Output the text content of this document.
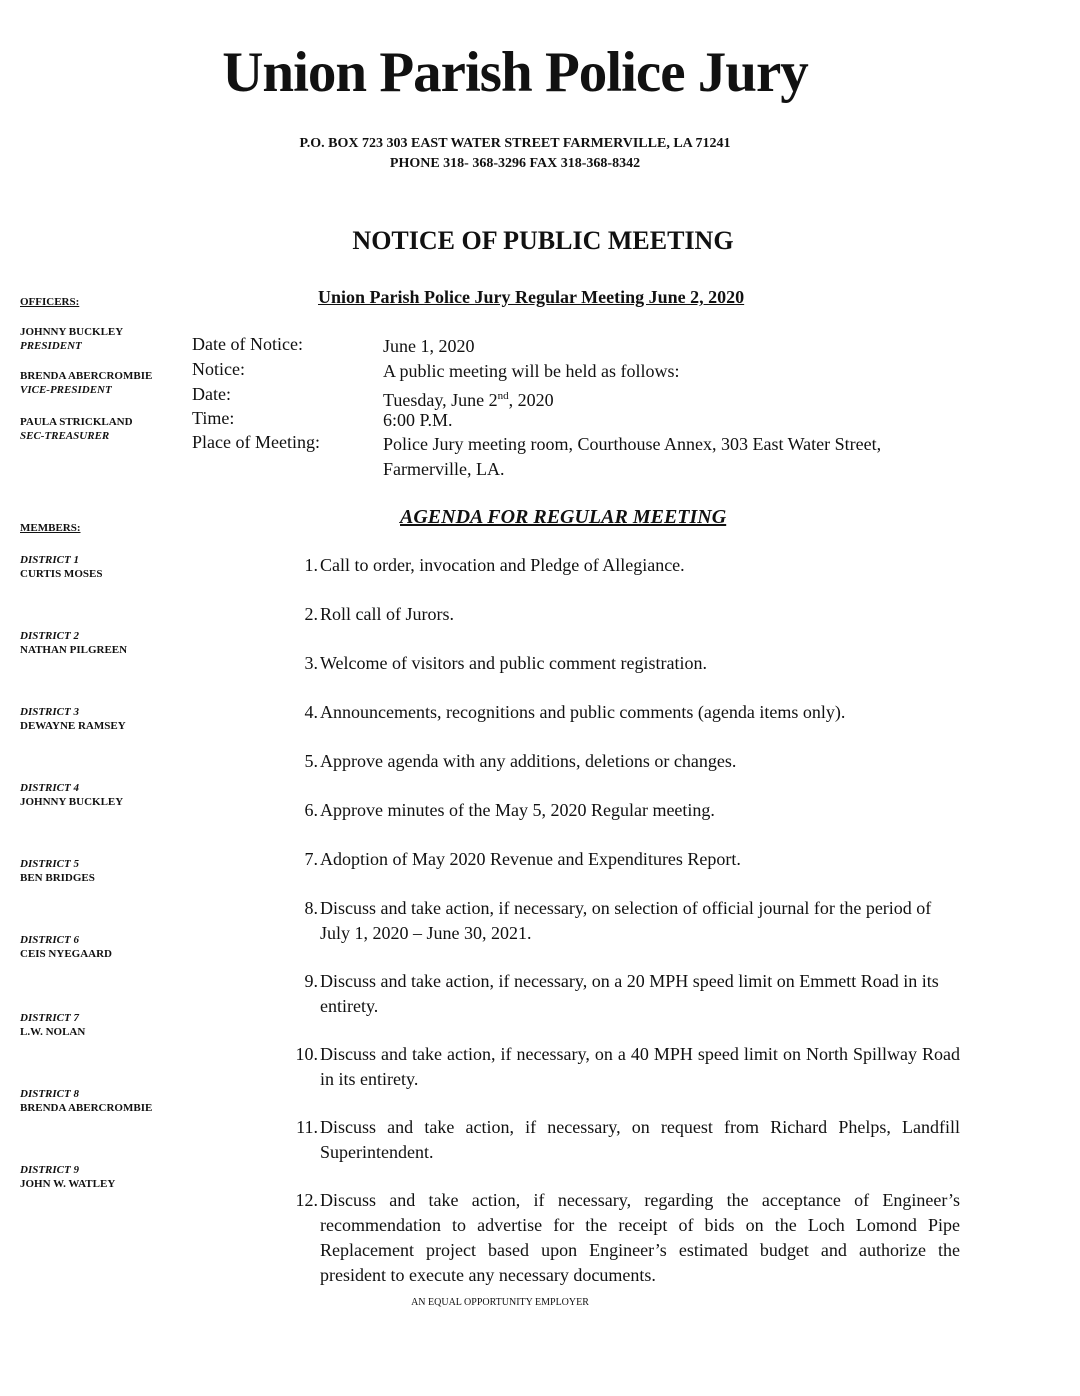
Union Parish Police Jury
P.O. BOX 723 303 EAST WATER STREET FARMERVILLE, LA 71241
PHONE 318- 368-3296 FAX 318-368-8342
NOTICE OF PUBLIC MEETING
Union Parish Police Jury Regular Meeting June 2, 2020
OFFICERS:
JOHNNY BUCKLEY
PRESIDENT
BRENDA ABERCROMBIE
VICE-PRESIDENT
PAULA STRICKLAND
SEC-TREASURER
MEMBERS:
DISTRICT 1
CURTIS MOSES
DISTRICT 2
NATHAN PILGREEN
DISTRICT 3
DEWAYNE RAMSEY
DISTRICT 4
JOHNNY BUCKLEY
DISTRICT 5
BEN BRIDGES
DISTRICT 6
CEIS NYEGAARD
DISTRICT 7
L.W. NOLAN
DISTRICT 8
BRENDA ABERCROMBIE
DISTRICT 9
JOHN W. WATLEY
Date of Notice:	June 1, 2020
Notice:	A public meeting will be held as follows:
Date:	Tuesday, June 2nd, 2020
Time:	6:00 P.M.
Place of Meeting:	Police Jury meeting room, Courthouse Annex, 303 East Water Street, Farmerville, LA.
AGENDA FOR REGULAR MEETING
1. Call to order, invocation and Pledge of Allegiance.
2. Roll call of Jurors.
3. Welcome of visitors and public comment registration.
4. Announcements, recognitions and public comments (agenda items only).
5. Approve agenda with any additions, deletions or changes.
6. Approve minutes of the May 5, 2020 Regular meeting.
7. Adoption of May 2020 Revenue and Expenditures Report.
8. Discuss and take action, if necessary, on selection of official journal for the period of July 1, 2020 – June 30, 2021.
9. Discuss and take action, if necessary, on a 20 MPH speed limit on Emmett Road in its entirety.
10. Discuss and take action, if necessary, on a 40 MPH speed limit on North Spillway Road in its entirety.
11. Discuss and take action, if necessary, on request from Richard Phelps, Landfill Superintendent.
12. Discuss and take action, if necessary, regarding the acceptance of Engineer’s recommendation to advertise for the receipt of bids on the Loch Lomond Pipe Replacement project based upon Engineer’s estimated budget and authorize the president to execute any necessary documents.
AN EQUAL OPPORTUNITY EMPLOYER
